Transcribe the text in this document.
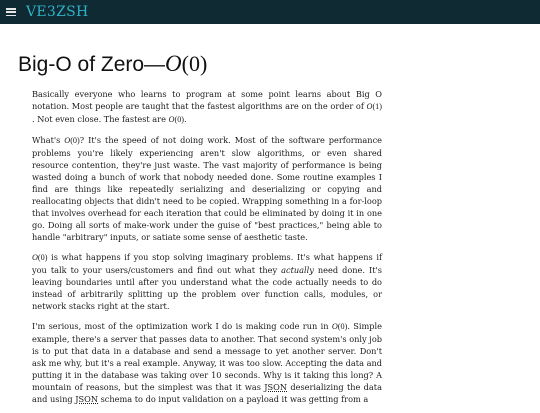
VE3ZSH
Big-O of Zero—O(0)

Basically everyone who learns to program at some point learns about Big O notation. Most people are taught that the fastest algorithms are on the order of O(1) . Not even close. The fastest are O(0).

What's O(0)? It's the speed of not doing work. Most of the software performance problems you're likely experiencing aren't slow algorithms, or even shared resource contention, they're just waste. The vast majority of performance is being wasted doing a bunch of work that nobody needed done. Some routine examples I find are things like repeatedly serializing and deserializing or copying and reallocating objects that didn't need to be copied. Wrapping something in a for-loop that involves overhead for each iteration that could be eliminated by doing it in one go. Doing all sorts of make-work under the guise of "best practices," being able to handle "arbitrary" inputs, or satiate some sense of aesthetic taste.

O(0) is what happens if you stop solving imaginary problems. It's what happens if you talk to your users/customers and find out what they actually need done. It's leaving boundaries until after you understand what the code actually needs to do instead of arbitrarily splitting up the problem over function calls, modules, or network stacks right at the start.

I'm serious, most of the optimization work I do is making code run in O(0). Simple example, there's a server that passes data to another. That second system's only job is to put that data in a database and send a message to yet another server. Don't ask me why, but it's a real example. Anyway, it was too slow. Accepting the data and putting it in the database was taking over 10 seconds. Why is it taking this long? A mountain of reasons, but the simplest was that it was JSON deserializing the data and using JSON schema to do input validation on a payload it was getting from a
